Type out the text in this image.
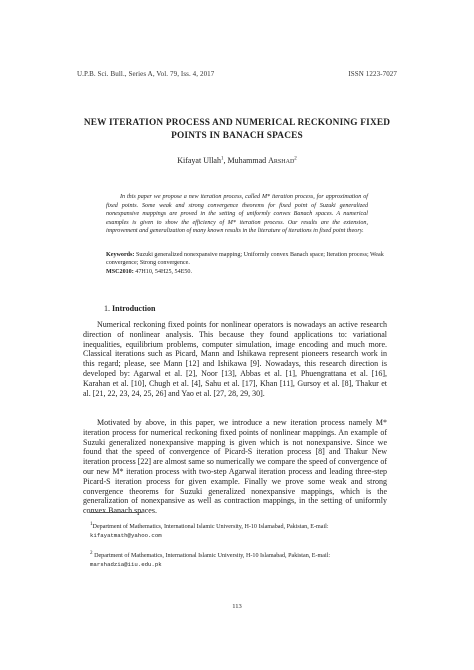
U.P.B. Sci. Bull., Series A, Vol. 79, Iss. 4, 2017	ISSN 1223-7027
NEW ITERATION PROCESS AND NUMERICAL RECKONING FIXED
POINTS IN BANACH SPACES
Kifayat Ullah$^1$, Muhammad Arshad$^2$
In this paper we propose a new iteration process, called M* iteration process, for approximation of fixed points. Some weak and strong convergence theorems for fixed point of Suzuki generalized nonexpansive mappings are proved in the setting of uniformly convex Banach spaces. A numerical examples is given to show the efficiency of M* iteration process. Our results are the extension, improvement and generalization of many known results in the literature of iterations in fixed point theory.
Keywords: Suzuki generalized nonexpansive mapping; Uniformly convex Banach space; Iteration process; Weak convergence; Strong convergence.
MSC2010: 47H10, 54H25, 54E50.
1. Introduction

Numerical reckoning fixed points for nonlinear operators is nowadays an active research direction of nonlinear analysis. This because they found applications to: variational inequalities, equilibrium problems, computer simulation, image encoding and much more. Classical iterations such as Picard, Mann and Ishikawa represent pioneers research work in this regard; please, see Mann [12] and Ishikawa [9]. Nowadays, this research direction is developed by: Agarwal et al. [2], Noor [13], Abbas et al. [1], Phuengrattana et al. [16], Karahan et al. [10], Chugh et al. [4], Sahu et al. [17], Khan [11], Gursoy et al. [8], Thakur et al. [21, 22, 23, 24, 25, 26] and Yao et al. [27, 28, 29, 30].

Motivated by above, in this paper, we introduce a new iteration process namely M* iteration process for numerical reckoning fixed points of nonlinear mappings. An example of Suzuki generalized nonexpansive mapping is given which is not nonexpansive. Since we found that the speed of convergence of Picard-S iteration process [8] and Thakur New iteration process [22] are almost same so numerically we compare the speed of convergence of our new M* iteration process with two-step Agarwal iteration process and leading three-step Picard-S iteration process for given example. Finally we prove some weak and strong convergence theorems for Suzuki generalized nonexpansive mappings, which is the generalization of nonexpansive as well as contraction mappings, in the setting of uniformly convex Banach spaces.

$^1$Department of Mathematics, International Islamic University, H-10 Islamabad, Pakistan, E-mail: kifayatmath@yahoo.com
$^2$ Department of Mathematics, International Islamic University, H-10 Islamabad, Pakistan, E-mail: marshadzia@iiu.edu.pk
113
